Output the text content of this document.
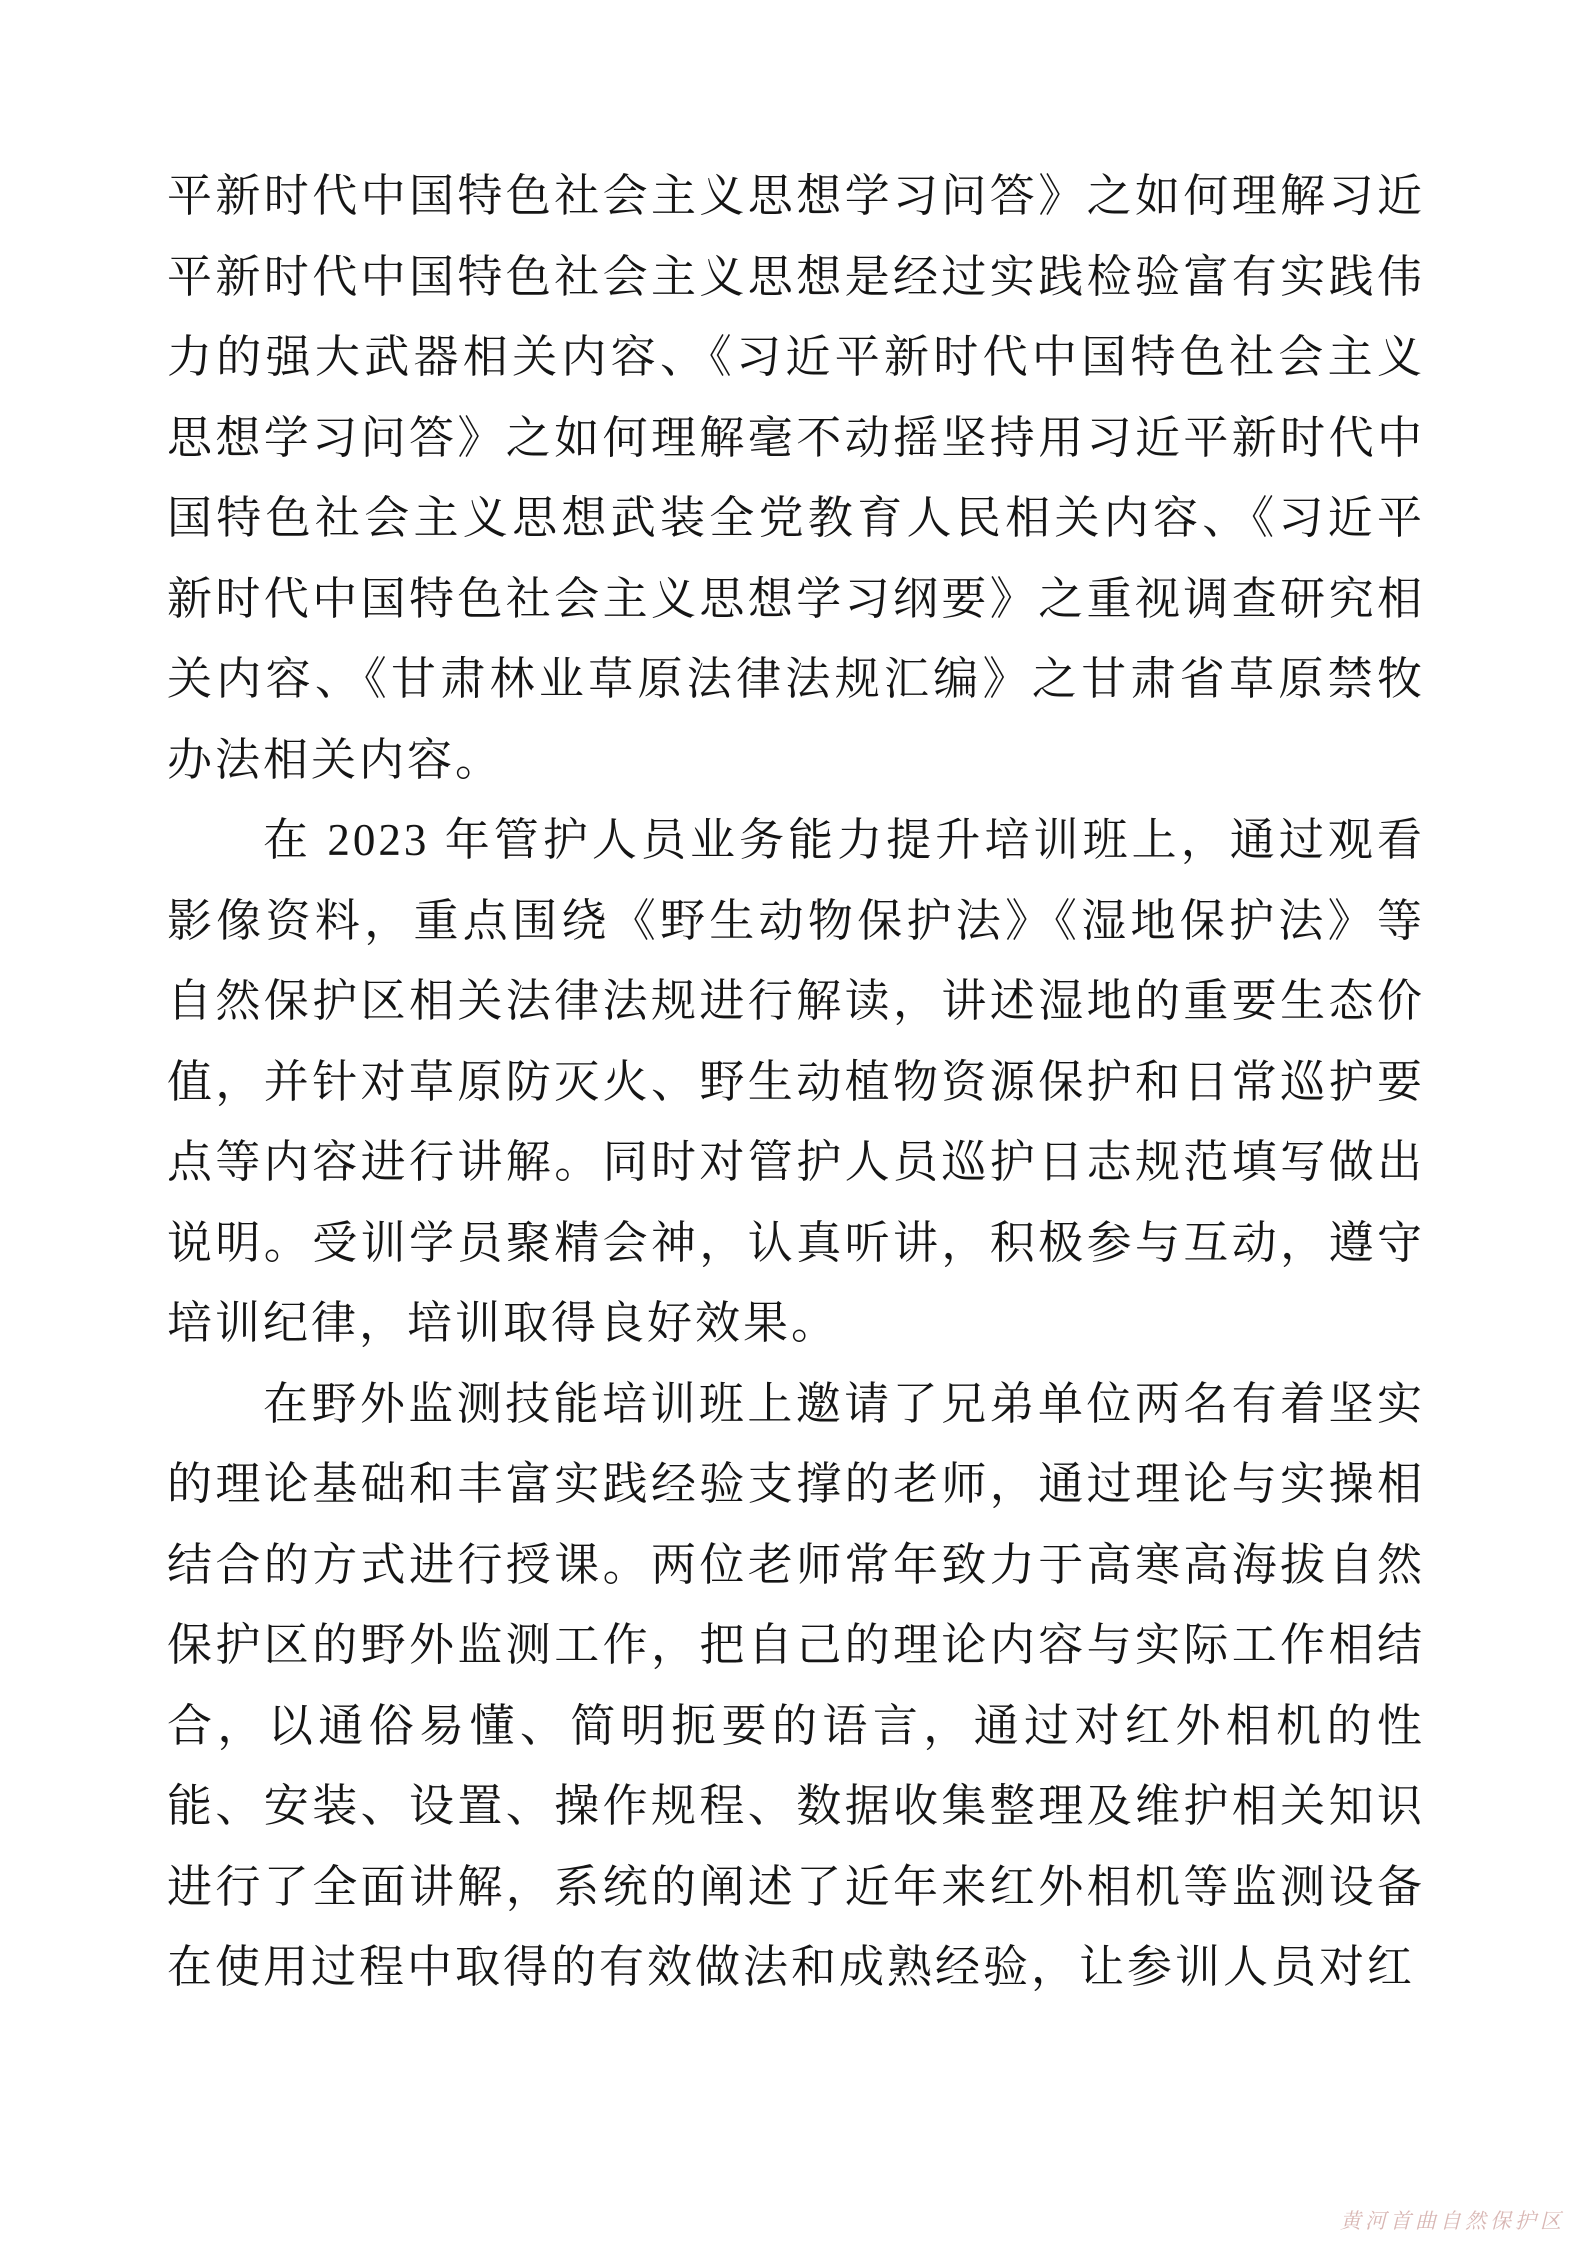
平新时代中国特色社会主义思想学习问答》之如何理解习近平新时代中国特色社会主义思想是经过实践检验富有实践伟力的强大武器相关内容、《习近平新时代中国特色社会主义思想学习问答》之如何理解毫不动摇坚持用习近平新时代中国特色社会主义思想武装全党教育人民相关内容、《习近平新时代中国特色社会主义思想学习纲要》之重视调查研究相关内容、《甘肃林业草原法律法规汇编》之甘肃省草原禁牧办法相关内容。

在 2023 年管护人员业务能力提升培训班上，通过观看影像资料，重点围绕《野生动物保护法》《湿地保护法》等自然保护区相关法律法规进行解读，讲述湿地的重要生态价值，并针对草原防灭火、野生动植物资源保护和日常巡护要点等内容进行讲解。同时对管护人员巡护日志规范填写做出说明。受训学员聚精会神，认真听讲，积极参与互动，遵守培训纪律，培训取得良好效果。

在野外监测技能培训班上邀请了兄弟单位两名有着坚实的理论基础和丰富实践经验支撑的老师，通过理论与实操相结合的方式进行授课。两位老师常年致力于高寒高海拔自然保护区的野外监测工作，把自己的理论内容与实际工作相结合，以通俗易懂、简明扼要的语言，通过对红外相机的性能、安装、设置、操作规程、数据收集整理及维护相关知识进行了全面讲解，系统的阐述了近年来红外相机等监测设备在使用过程中取得的有效做法和成熟经验，让参训人员对红

黄河首曲自然保护区
